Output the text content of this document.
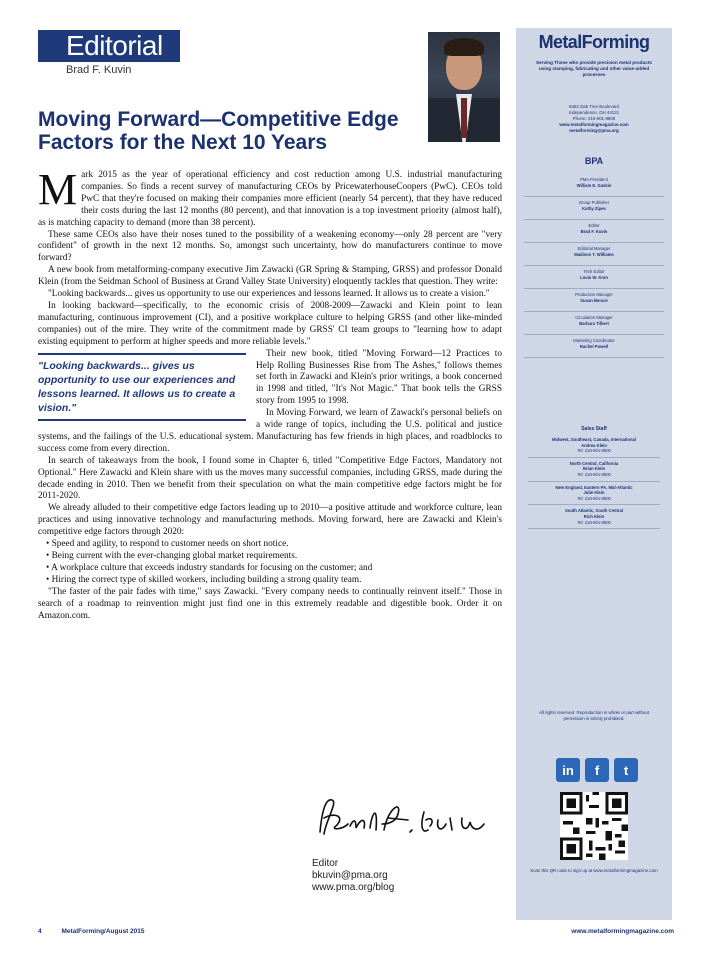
Editorial
Brad F. Kuvin
Moving Forward—Competitive Edge Factors for the Next 10 Years

Mark 2015 as the year of operational efficiency and cost reduction among U.S. industrial manufacturing companies. So finds a recent survey of manufacturing CEOs by PricewaterhouseCoopers (PwC). CEOs told PwC that they're focused on making their companies more efficient (nearly 54 percent), that they have reduced their costs during the last 12 months (80 percent), and that innovation is a top investment priority (almost half), as is matching capacity to demand (more than 38 percent).

These same CEOs also have their noses tuned to the possibility of a weakening economy—only 28 percent are "very confident" of growth in the next 12 months. So, amongst such uncertainty, how do manufacturers continue to move forward?

A new book from metalforming-company executive Jim Zawacki (GR Spring & Stamping, GRSS) and professor Donald Klein (from the Seidman School of Business at Grand Valley State University) eloquently tackles that question. They write:

"Looking backwards... gives us opportunity to use our experiences and lessons learned. It allows us to create a vision."

In looking backward—specifically, to the economic crisis of 2008-2009—Zawacki and Klein point to lean manufacturing, continuous improvement (CI), and a positive workplace culture to helping GRSS (and other like-minded companies) out of the mire. They write of the commitment made by GRSS' CI team groups to "learning how to adapt existing equipment to perform at higher speeds and more reliable levels."

"Looking backwards... gives us opportunity to use our experiences and lessons learned. It allows us to create a vision."

Their new book, titled "Moving Forward—12 Practices to Help Rolling Businesses Rise from The Ashes," follows themes set forth in Zawacki and Klein's prior writings, a book concerned in 1998 and titled, "It's Not Magic." That book tells the GRSS story from 1995 to 1998.

In Moving Forward, we learn of Zawacki's personal beliefs on a wide range of topics, including the U.S. political and justice systems, and the failings of the U.S. educational system. Manufacturing has few friends in high places, and roadblocks to success come from every direction.

In search of takeaways from the book, I found some in Chapter 6, titled "Competitive Edge Factors, Mandatory not Optional." Here Zawacki and Klein share with us the moves many successful companies, including GRSS, made during the decade ending in 2010. Then we benefit from their speculation on what the main competitive edge factors might be for 2011-2020.

We already alluded to their competitive edge factors leading up to 2010—a positive attitude and workforce culture, lean practices and using innovative technology and manufacturing methods. Moving forward, here are Zawacki and Klein's competitive edge factors through 2020:

• Speed and agility, to respond to customer needs on short notice.
• Being current with the ever-changing global market requirements.
• A workplace culture that exceeds industry standards for focusing on the customer; and
• Hiring the correct type of skilled workers, including building a strong quality team.

"The faster of the pair fades with time," says Zawacki. "Every company needs to continually reinvent itself." Those in search of a roadmap to reinvention might just find one in this extremely readable and digestible book. Order it on Amazon.com.

Editor
bkuvin@pma.org
www.pma.org/blog
4	MetalForming/August 2015	www.metalformingmagazine.com
MetalForming
Serving Those who provide precision metal products using stamping, fabricating and other value-added processes
6363 Oak Tree Boulevard
Independence, OH 44131
Phone: 216-901-8800
www.metalformingmagazine.com
metalforming@pma.org
BPA
PMA President
William E. Gaskin
Group Publisher
Kathy Zipes
Editor
Brad F. Kuvin
Editorial Manager
Madison T. Williams
Tech Editor
Louis W. Kren
Production Manager
Susan Bencie
Circulation Manager
Barbara Tilbert
Marketing Coordinator
Rachel Powell
Sales Staff
Midwest, Southeast, Canada, International
Andrea Klein
Tel: 216-901-8800
North Central, California
Brian Klein
Tel: 216-901-8800
New England, Eastern PA, Mid-Atlantic
Julie Klein
Tel: 216-901-8800
South Atlantic, South Central
Rich Klein
Tel: 216-901-8800
All rights reserved. Reproduction in whole or part without permission is strictly prohibited.
in	f	t
Scan this QR code to sign up at www.metalformingmagazine.com
